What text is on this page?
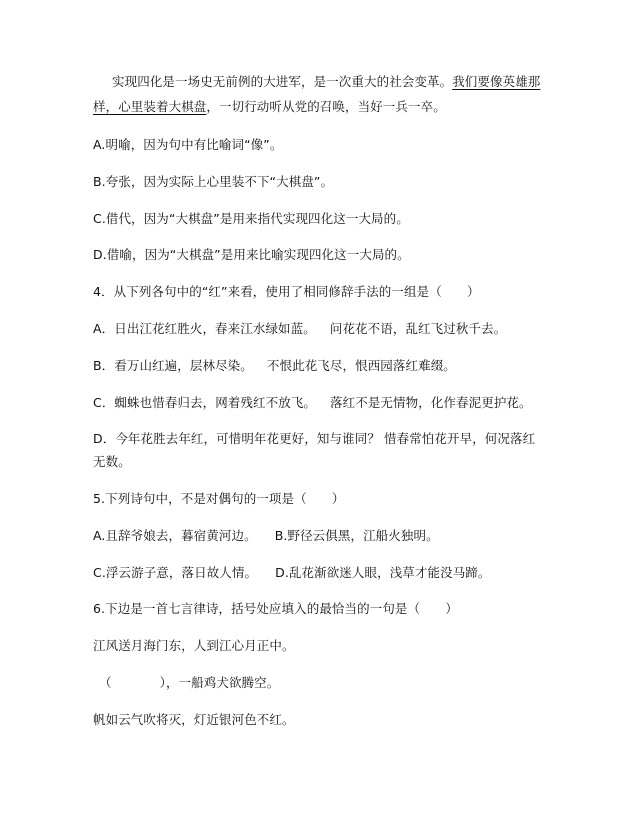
实现四化是一场史无前例的大进军，是一次重大的社会变革。我们要像英雄那
样，心里装着大棋盘，一切行动听从党的召唤，当好一兵一卒。
A.明喻，因为句中有比喻词“像”。
B.夸张，因为实际上心里装不下“大棋盘”。
C.借代，因为“大棋盘”是用来指代实现四化这一大局的。
D.借喻，因为“大棋盘”是用来比喻实现四化这一大局的。
4．从下列各句中的“红”来看，使用了相同修辞手法的一组是（　　）
A．日出江花红胜火，春来江水绿如蓝。 问花花不语，乱红飞过秋千去。
B．看万山红遍，层林尽染。 不恨此花飞尽，恨西园落红难缀。
C．蜘蛛也惜春归去，网着残红不放飞。 落红不是无情物，化作春泥更护花。
D．今年花胜去年红，可惜明年花更好，知与谁同？ 惜春常怕花开早，何况落红
无数。
5.下列诗句中，不是对偶句的一项是（　　）
A.且辞爷娘去，暮宿黄河边。 B.野径云俱黑，江船火独明。
C.浮云游子意，落日故人情。 D.乱花渐欲迷人眼，浅草才能没马蹄。
6.下边是一首七言律诗，括号处应填入的最恰当的一句是（　　）
江风送月海门东，人到江心月正中。
（	），一船鸡犬欲腾空。
帆如云气吹将灭，灯近银河色不红。
